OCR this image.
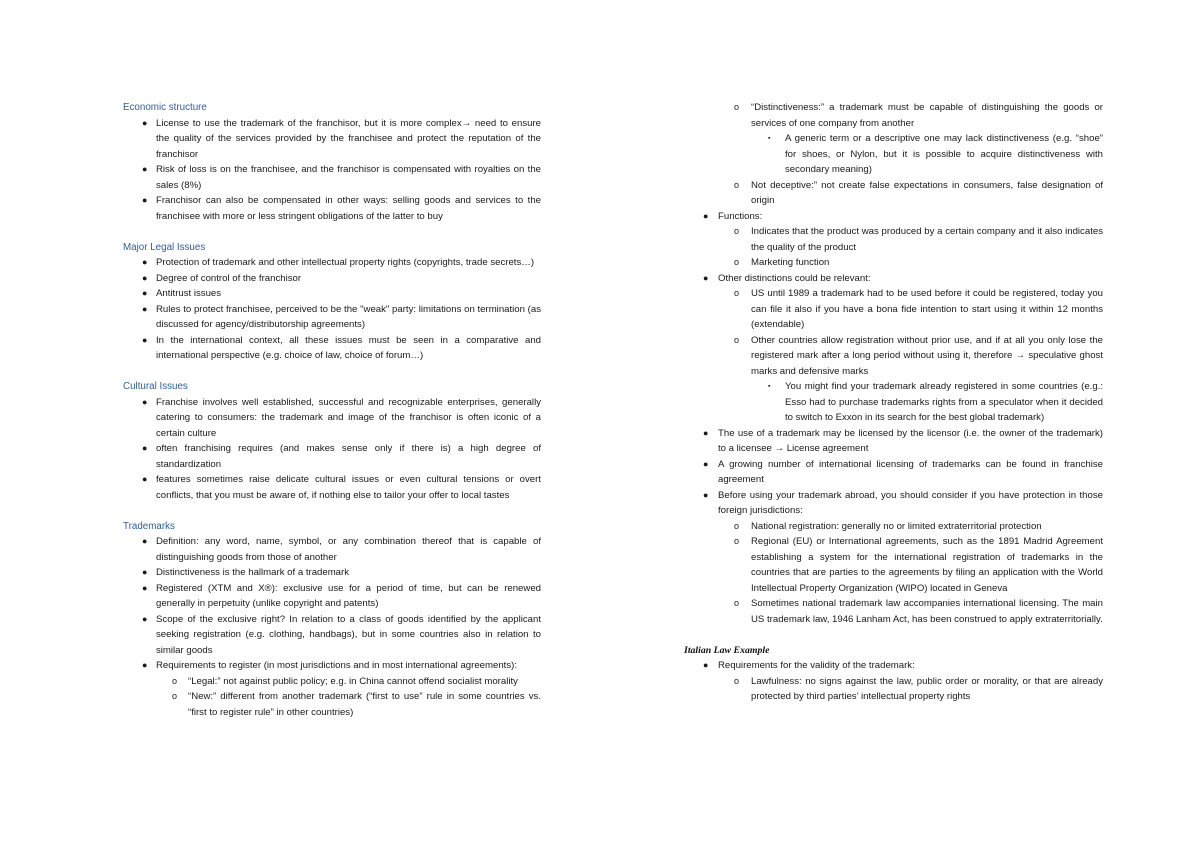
Economic structure
● License to use the trademark of the franchisor, but it is more complex→ need to ensure the quality of the services provided by the franchisee and protect the reputation of the franchisor
● Risk of loss is on the franchisee, and the franchisor is compensated with royalties on the sales (8%)
● Franchisor can also be compensated in other ways: selling goods and services to the franchisee with more or less stringent obligations of the latter to buy
Major Legal Issues
● Protection of trademark and other intellectual property rights (copyrights, trade secrets…)
● Degree of control of the franchisor
● Antitrust issues
● Rules to protect franchisee, perceived to be the "weak" party: limitations on termination (as discussed for agency/distributorship agreements)
● In the international context, all these issues must be seen in a comparative and international perspective (e.g. choice of law, choice of forum…)
Cultural Issues
● Franchise involves well established, successful and recognizable enterprises, generally catering to consumers: the trademark and image of the franchisor is often iconic of a certain culture
● often franchising requires (and makes sense only if there is) a high degree of standardization
● features sometimes raise delicate cultural issues or even cultural tensions or overt conflicts, that you must be aware of, if nothing else to tailor your offer to local tastes
Trademarks
● Definition: any word, name, symbol, or any combination thereof that is capable of distinguishing goods from those of another
● Distinctiveness is the hallmark of a trademark
● Registered (XTM and X®): exclusive use for a period of time, but can be renewed generally in perpetuity (unlike copyright and patents)
● Scope of the exclusive right? In relation to a class of goods identified by the applicant seeking registration (e.g. clothing, handbags), but in some countries also in relation to similar goods
● Requirements to register (in most jurisdictions and in most international agreements):
o “Legal:” not against public policy; e.g. in China cannot offend socialist morality
o “New:” different from another trademark (“first to use” rule in some countries vs. “first to register rule” in other countries)
o “Distinctiveness:” a trademark must be capable of distinguishing the goods or services of one company from another
▪ A generic term or a descriptive one may lack distinctiveness (e.g. “shoe” for shoes, or Nylon, but it is possible to acquire distinctiveness with secondary meaning)
o Not deceptive:” not create false expectations in consumers, false designation of origin
● Functions:
o Indicates that the product was produced by a certain company and it also indicates the quality of the product
o Marketing function
● Other distinctions could be relevant:
o US until 1989 a trademark had to be used before it could be registered, today you can file it also if you have a bona fide intention to start using it within 12 months (extendable)
o Other countries allow registration without prior use, and if at all you only lose the registered mark after a long period without using it, therefore → speculative ghost marks and defensive marks
▪ You might find your trademark already registered in some countries (e.g.: Esso had to purchase trademarks rights from a speculator when it decided to switch to Exxon in its search for the best global trademark)
● The use of a trademark may be licensed by the licensor (i.e. the owner of the trademark) to a licensee → License agreement
● A growing number of international licensing of trademarks can be found in franchise agreement
● Before using your trademark abroad, you should consider if you have protection in those foreign jurisdictions:
o National registration: generally no or limited extraterritorial protection
o Regional (EU) or International agreements, such as the 1891 Madrid Agreement establishing a system for the international registration of trademarks in the countries that are parties to the agreements by filing an application with the World Intellectual Property Organization (WIPO) located in Geneva
o Sometimes national trademark law accompanies international licensing. The main US trademark law, 1946 Lanham Act, has been construed to apply extraterritorially.
Italian Law Example
● Requirements for the validity of the trademark:
o Lawfulness: no signs against the law, public order or morality, or that are already protected by third parties’ intellectual property rights
